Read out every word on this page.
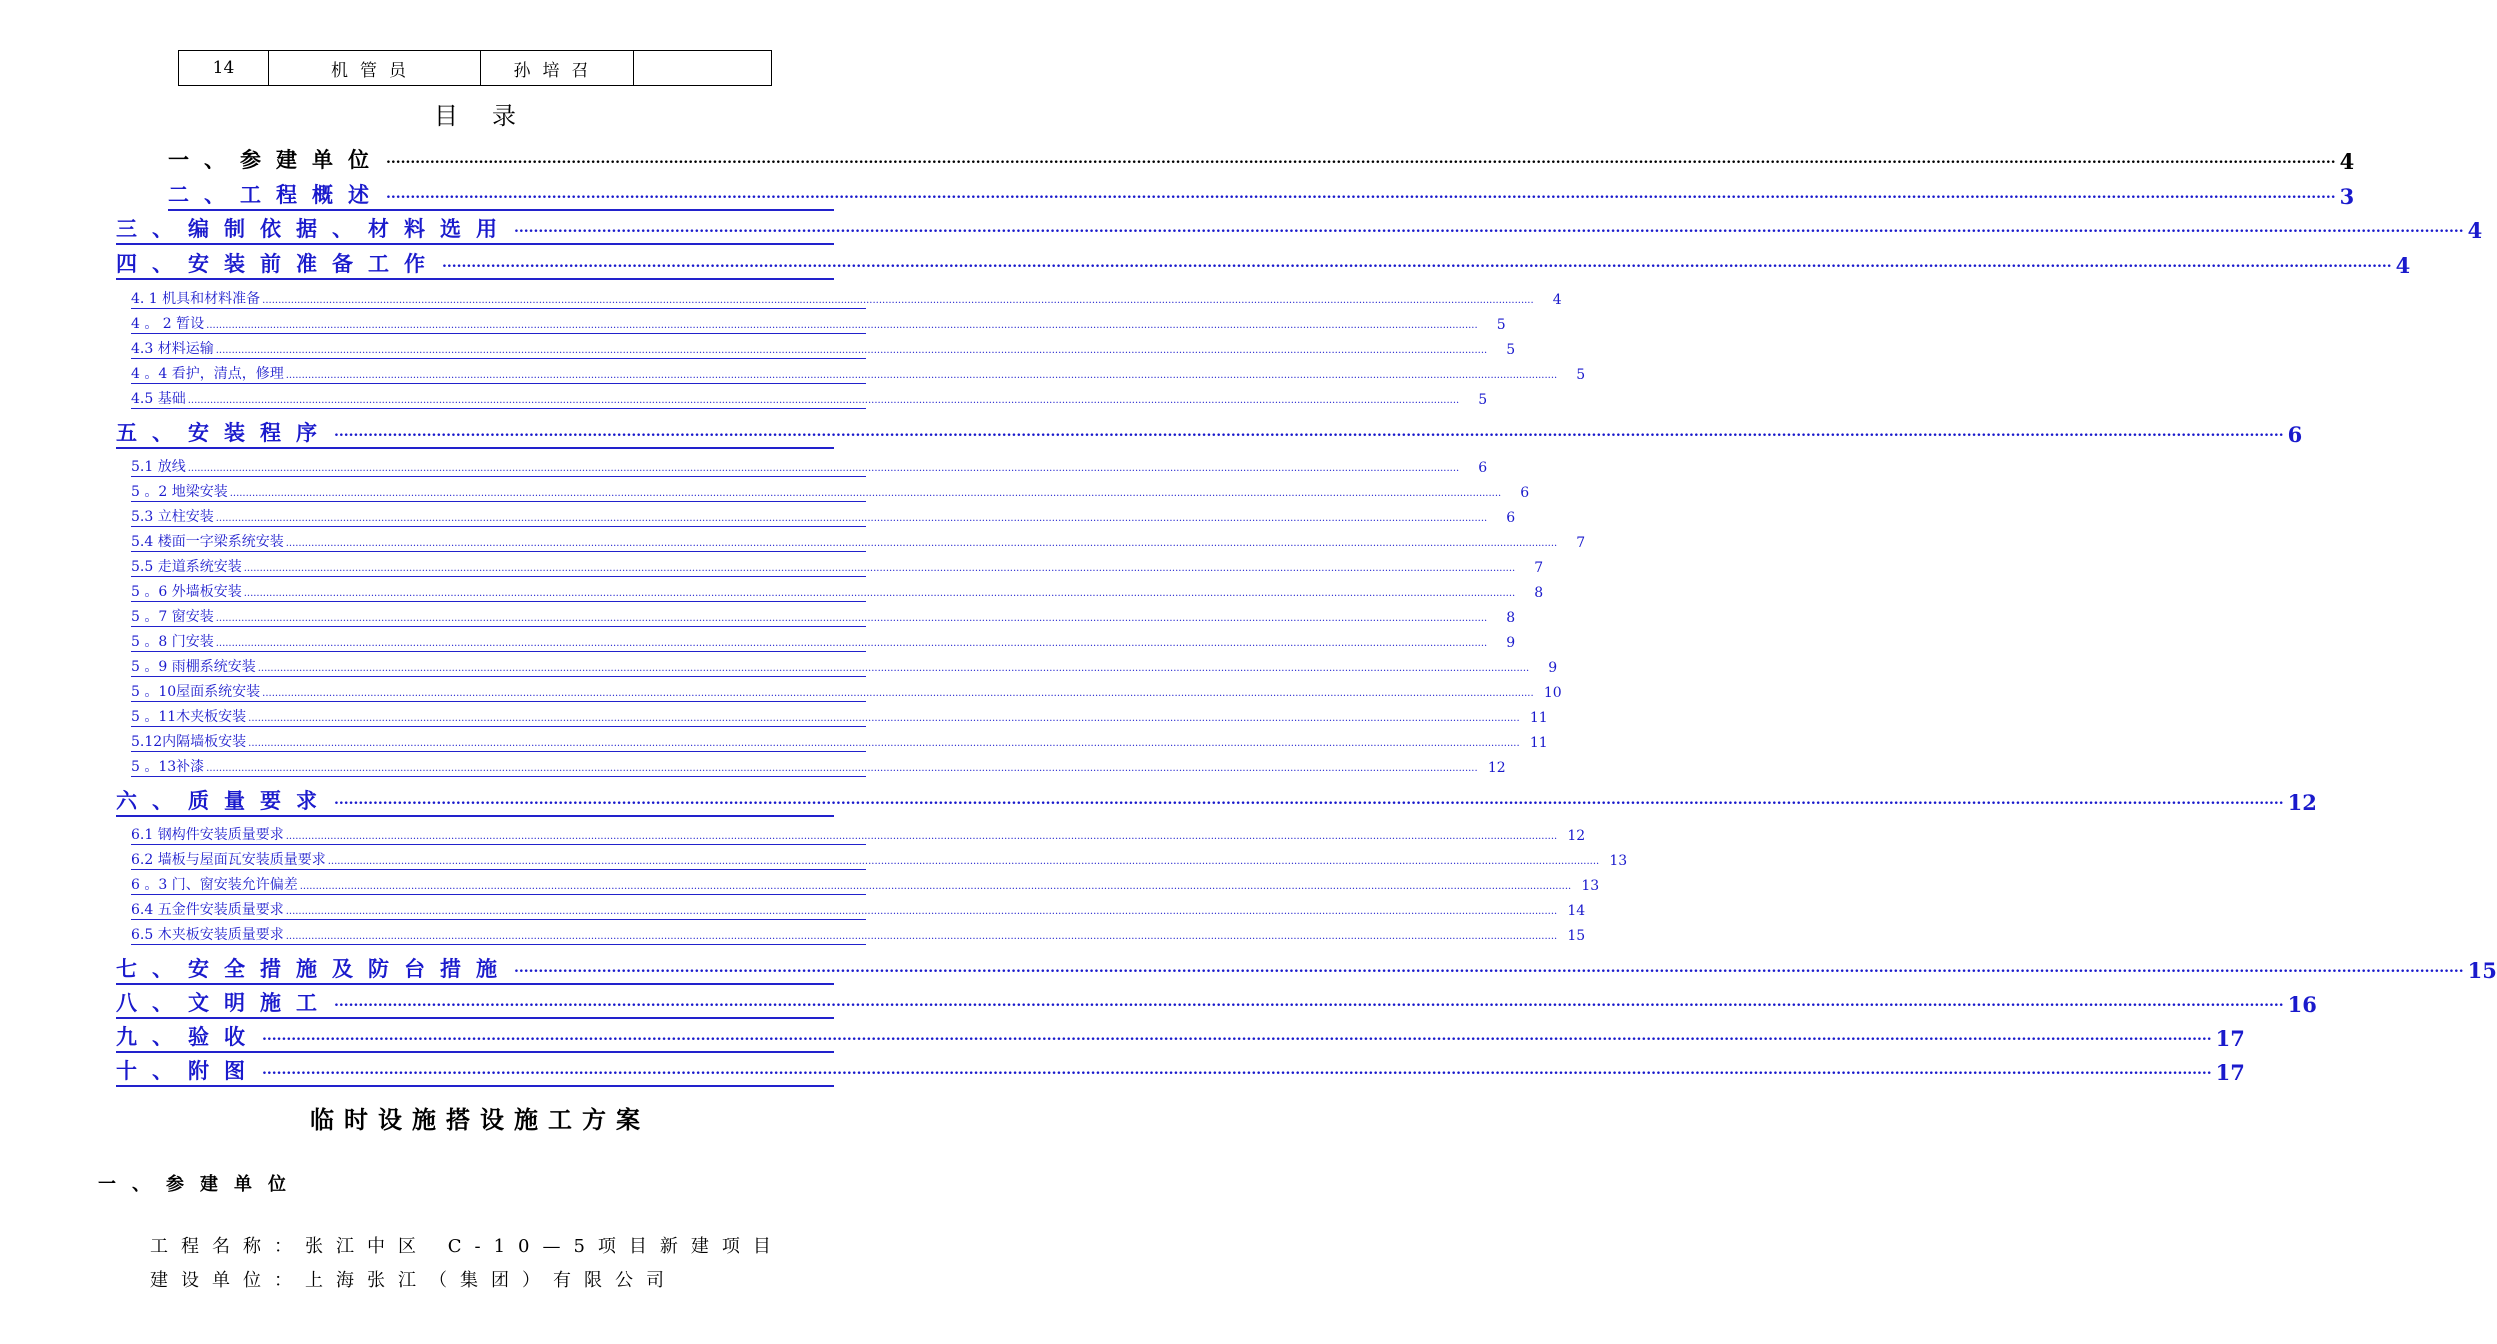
14	机管员	孙培召	
目录
一、参建单位 ................................................................................................................................................................................................................................................................................................................................................................................................................ 4
二、工程概述 ................................................................................................................................................................................................................................................................................................................................................................................................................ 3
三、编制依据、材料选用 ................................................................................................................................................................................................................................................................................................................................................................................................................ 4
四、安装前准备工作 ................................................................................................................................................................................................................................................................................................................................................................................................................ 4
4. 1 机具和材料准备 ................................................................................................................................................................................................................................................................................................................................................................................................................	4
4 。 2 暂设 ................................................................................................................................................................................................................................................................................................................................................................................................................	5
4.3 材料运输 ................................................................................................................................................................................................................................................................................................................................................................................................................	5
4 。4 看护，清点，修理 ................................................................................................................................................................................................................................................................................................................................................................................................................	5
4.5 基础 ................................................................................................................................................................................................................................................................................................................................................................................................................	5
五、安装程序 ................................................................................................................................................................................................................................................................................................................................................................................................................ 6
5.1 放线 ................................................................................................................................................................................................................................................................................................................................................................................................................	6
5 。2 地梁安装 ................................................................................................................................................................................................................................................................................................................................................................................................................	6
5.3 立柱安装 ................................................................................................................................................................................................................................................................................................................................................................................................................	6
5.4 楼面一字梁系统安装 ................................................................................................................................................................................................................................................................................................................................................................................................................	7
5.5 走道系统安装 ................................................................................................................................................................................................................................................................................................................................................................................................................	7
5 。6 外墙板安装 ................................................................................................................................................................................................................................................................................................................................................................................................................	8
5 。7 窗安装 ................................................................................................................................................................................................................................................................................................................................................................................................................	8
5 。8 门安装 ................................................................................................................................................................................................................................................................................................................................................................................................................	9
5 。9 雨棚系统安装 ................................................................................................................................................................................................................................................................................................................................................................................................................	9
5 。10屋面系统安装 ................................................................................................................................................................................................................................................................................................................................................................................................................ 10
5 。11木夹板安装 ................................................................................................................................................................................................................................................................................................................................................................................................................ 11
5.12内隔墙板安装 ................................................................................................................................................................................................................................................................................................................................................................................................................ 11
5 。13补漆 ................................................................................................................................................................................................................................................................................................................................................................................................................ 12
六、质量要求 ................................................................................................................................................................................................................................................................................................................................................................................................................ 12
6.1 钢构件安装质量要求 ................................................................................................................................................................................................................................................................................................................................................................................................................ 12
6.2 墙板与屋面瓦安装质量要求 ................................................................................................................................................................................................................................................................................................................................................................................................................ 13
6 。3 门、窗安装允许偏差 ................................................................................................................................................................................................................................................................................................................................................................................................................ 13
6.4 五金件安装质量要求 ................................................................................................................................................................................................................................................................................................................................................................................................................ 14
6.5 木夹板安装质量要求 ................................................................................................................................................................................................................................................................................................................................................................................................................ 15
七、安全措施及防台措施 ................................................................................................................................................................................................................................................................................................................................................................................................................ 15
八、文明施工 ................................................................................................................................................................................................................................................................................................................................................................................................................ 16
九、验收 ................................................................................................................................................................................................................................................................................................................................................................................................................ 17
十、附图 ................................................................................................................................................................................................................................................................................................................................................................................................................ 17
临时设施搭设施工方案
一、参建单位
工程名称：张江中区 C-10—5项目新建项目
建设单位：上海张江（集团）有限公司
